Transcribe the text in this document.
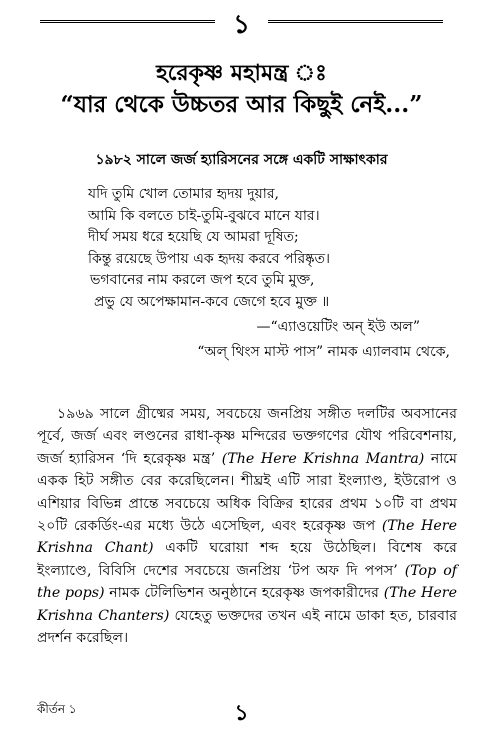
১
হরেকৃষ্ণ মহামন্ত্র ঃ
“যার থেকে উচ্চতর আর কিছুই নেই...”
১৯৮২ সালে জর্জ হ্যারিসনের সঙ্গে একটি সাক্ষাৎকার
যদি তুমি খোল তোমার হৃদয় দুয়ার,
আমি কি বলতে চাই-তুমি-বুঝবে মানে যার।
দীর্ঘ সময় ধরে হয়েছি যে আমরা দূষিত;
কিন্তু রয়েছে উপায় এক হৃদয় করবে পরিষ্কৃত।
ভগবানের নাম করলে জপ হবে তুমি মুক্ত,
প্রভু যে অপেক্ষামান-কবে জেগে হবে মুক্ত ॥
—“এ্যাওয়েটিং অন্ ইউ অল”
“অল্ থিংস মাস্ট পাস” নামক এ্যালবাম থেকে,
১৯৬৯ সালে গ্রীষ্মের সময়, সবচেয়ে জনপ্রিয় সঙ্গীত দলটির অবসানের পূর্বে, জর্জ এবং লণ্ডনের রাধা-কৃষ্ণ মন্দিরের ভক্তগণের যৌথ পরিবেশনায়, জর্জ হ্যারিসন ‘দি হরেকৃষ্ণ মন্ত্র’ (The Here Krishna Mantra) নামে একক হিট সঙ্গীত বের করেছিলেন। শীঘ্রই এটি সারা ইংল্যাণ্ড, ইউরোপ ও এশিয়ার বিভিন্ন প্রান্তে সবচেয়ে অধিক বিক্রির হারের প্রথম ১০টি বা প্রথম ২০টি রেকর্ডিং-এর মধ্যে উঠে এসেছিল, এবং হরেকৃষ্ণ জপ (The Here Krishna Chant) একটি ঘরোয়া শব্দ হয়ে উঠেছিল। বিশেষ করে ইংল্যাণ্ডে, বিবিসি দেশের সবচেয়ে জনপ্রিয় ‘টপ অফ দি পপস’ (Top of the pops) নামক টেলিভিশন অনুষ্ঠানে হরেকৃষ্ণ জপকারীদের (The Here Krishna Chanters) যেহেতু ভক্তদের তখন এই নামে ডাকা হত, চারবার প্রদর্শন করেছিল।
কীর্তন ১	১
